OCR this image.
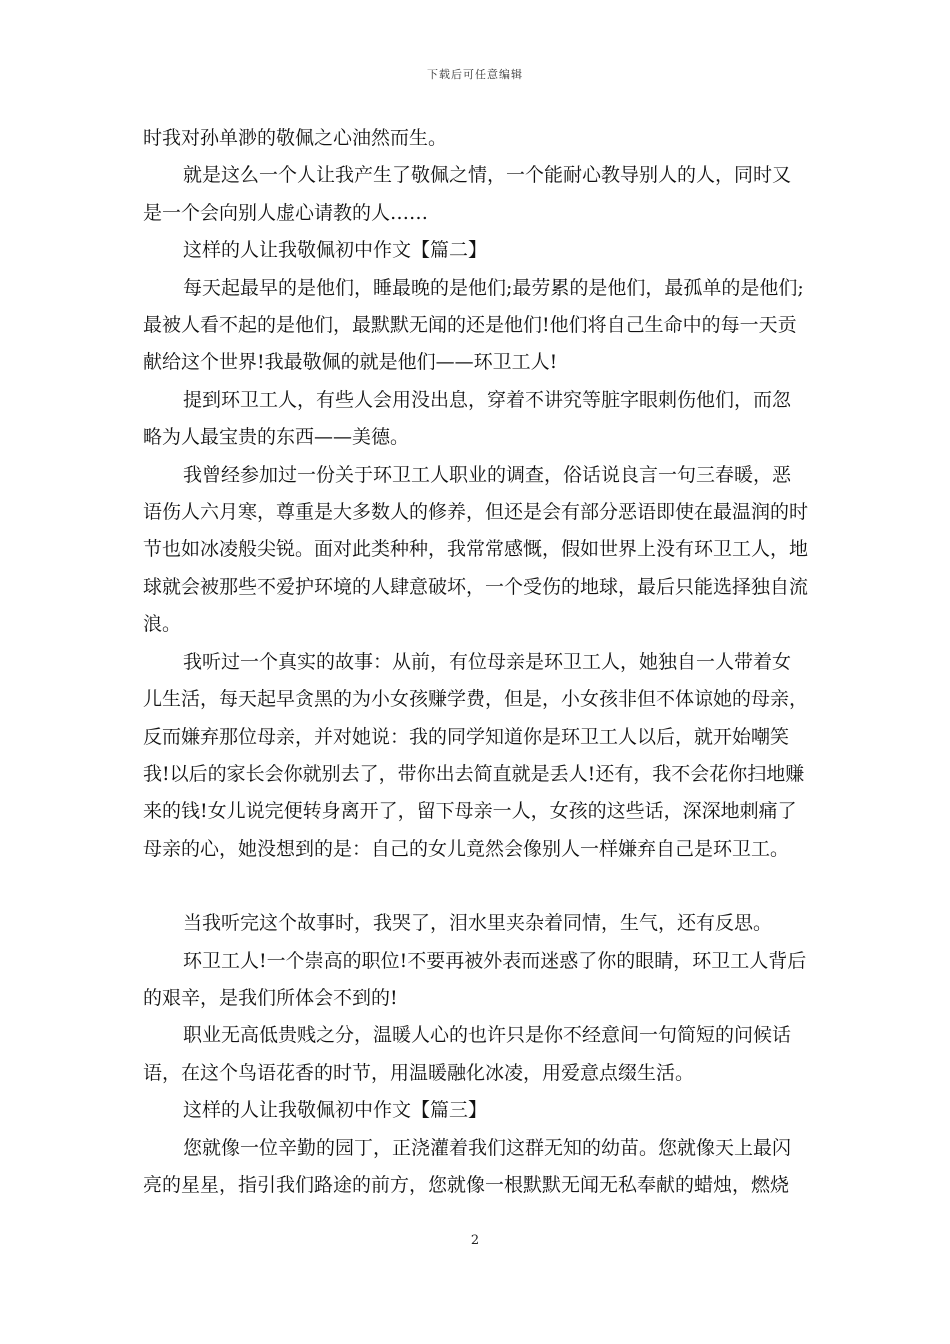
下载后可任意编辑

时我对孙单渺的敬佩之心油然而生。

就是这么一个人让我产生了敬佩之情，一个能耐心教导别人的人，同时又是一个会向别人虚心请教的人……

这样的人让我敬佩初中作文【篇二】

每天起最早的是他们，睡最晚的是他们;最劳累的是他们，最孤单的是他们;最被人看不起的是他们，最默默无闻的还是他们!他们将自己生命中的每一天贡献给这个世界!我最敬佩的就是他们——环卫工人!

提到环卫工人，有些人会用没出息，穿着不讲究等脏字眼刺伤他们，而忽略为人最宝贵的东西——美德。

我曾经参加过一份关于环卫工人职业的调查，俗话说良言一句三春暖，恶语伤人六月寒，尊重是大多数人的修养，但还是会有部分恶语即使在最温润的时节也如冰凌般尖锐。面对此类种种，我常常感慨，假如世界上没有环卫工人，地球就会被那些不爱护环境的人肆意破坏，一个受伤的地球，最后只能选择独自流浪。

我听过一个真实的故事：从前，有位母亲是环卫工人，她独自一人带着女儿生活，每天起早贪黑的为小女孩赚学费，但是，小女孩非但不体谅她的母亲，反而嫌弃那位母亲，并对她说：我的同学知道你是环卫工人以后，就开始嘲笑我!以后的家长会你就别去了，带你出去简直就是丢人!还有，我不会花你扫地赚来的钱!女儿说完便转身离开了，留下母亲一人，女孩的这些话，深深地刺痛了母亲的心，她没想到的是：自己的女儿竟然会像别人一样嫌弃自己是环卫工。

当我听完这个故事时，我哭了，泪水里夹杂着同情，生气，还有反思。

环卫工人!一个崇高的职位!不要再被外表而迷惑了你的眼睛，环卫工人背后的艰辛，是我们所体会不到的!

职业无高低贵贱之分，温暖人心的也许只是你不经意间一句简短的问候话语，在这个鸟语花香的时节，用温暖融化冰凌，用爱意点缀生活。

这样的人让我敬佩初中作文【篇三】

您就像一位辛勤的园丁，正浇灌着我们这群无知的幼苗。您就像天上最闪亮的星星，指引我们路途的前方，您就像一根默默无闻无私奉献的蜡烛，燃烧

2
